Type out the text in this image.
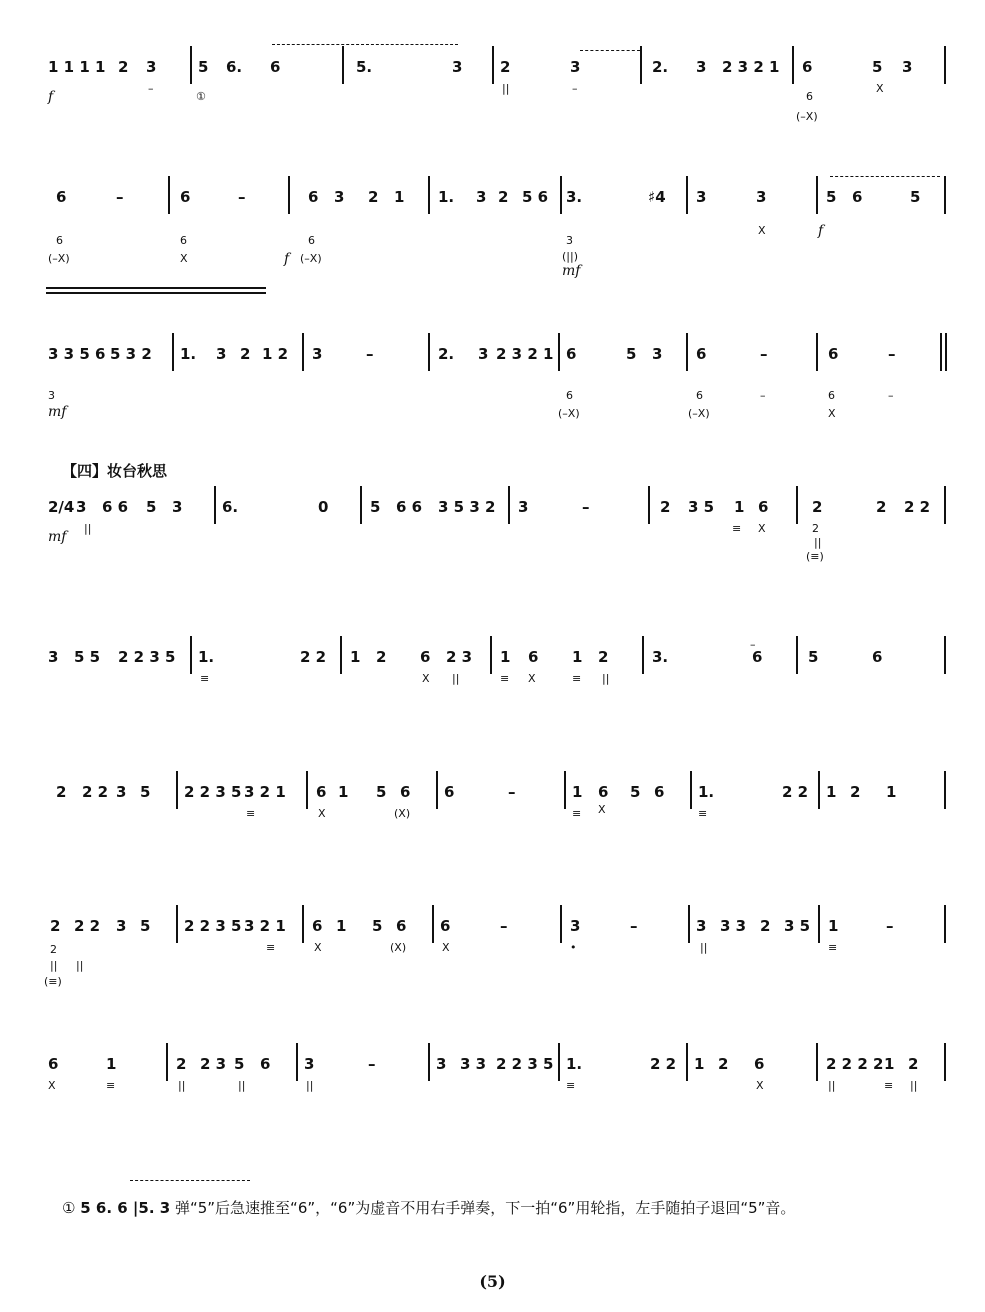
1 1 1 1 2 3	5 6. 6	5.	3	2	3	2. 3 2 3 2 1 6	5 3
f
–
①
||	–
6
(–X)
X
6	–	6	–	6 3 2 1 1. 3 2 5 6 3.	♯4 3	3	5 6	5
6
(–X)
6
X	f (–X)
6	3
(||)
mf
X	f
3 3 5 6 5 3 2 1. 3 2 1 2 3	–	2. 3 2 3 2 1 6	5 3 6	–	6	–
3
mf
6
(–X)
6
(–X)
–	6
X
–
2/4 3 6 6 5 3	6.	0	5 6 6 3 5 3 2 3	–	2 3 5 1 6	2	2 2 2
mf
||	≡ X	2
||
(≡)
3 5 5 2 2 3 5 1.	2 2 1 2 6 2 3 1 6 1 2	3.	6	5	6
≡	X ||	≡ X	≡ ||
–
2 2 2 3 5 2 2 3 5 3 2 1 6 1 5 6 6	–	1 6 5 6 1.	2 2 1 2 1
≡	X	(X)	≡ X	≡
2 2 2 3 5 2 2 3 5 3 2 1 6 1 5 6 6	–	3	–	3 3 3 2 3 5 1	–
2
|| ||
(≡)
≡	X	(X)	X	•	||	≡
6	1	2 2 3 5 6 3	–	3 3 3 2 2 3 5 1.	2 2 1 2 6	2 2 2 2 1 2
X	≡	||	||	||	≡	X	||	≡ ||
【四】妆台秋思
① 5 6. 6 |5. 3 弹“5”后急速推至“6”，“6”为虚音不用右手弹奏，下一拍“6”用轮指，左手随拍子退回“5”音。
(5)
